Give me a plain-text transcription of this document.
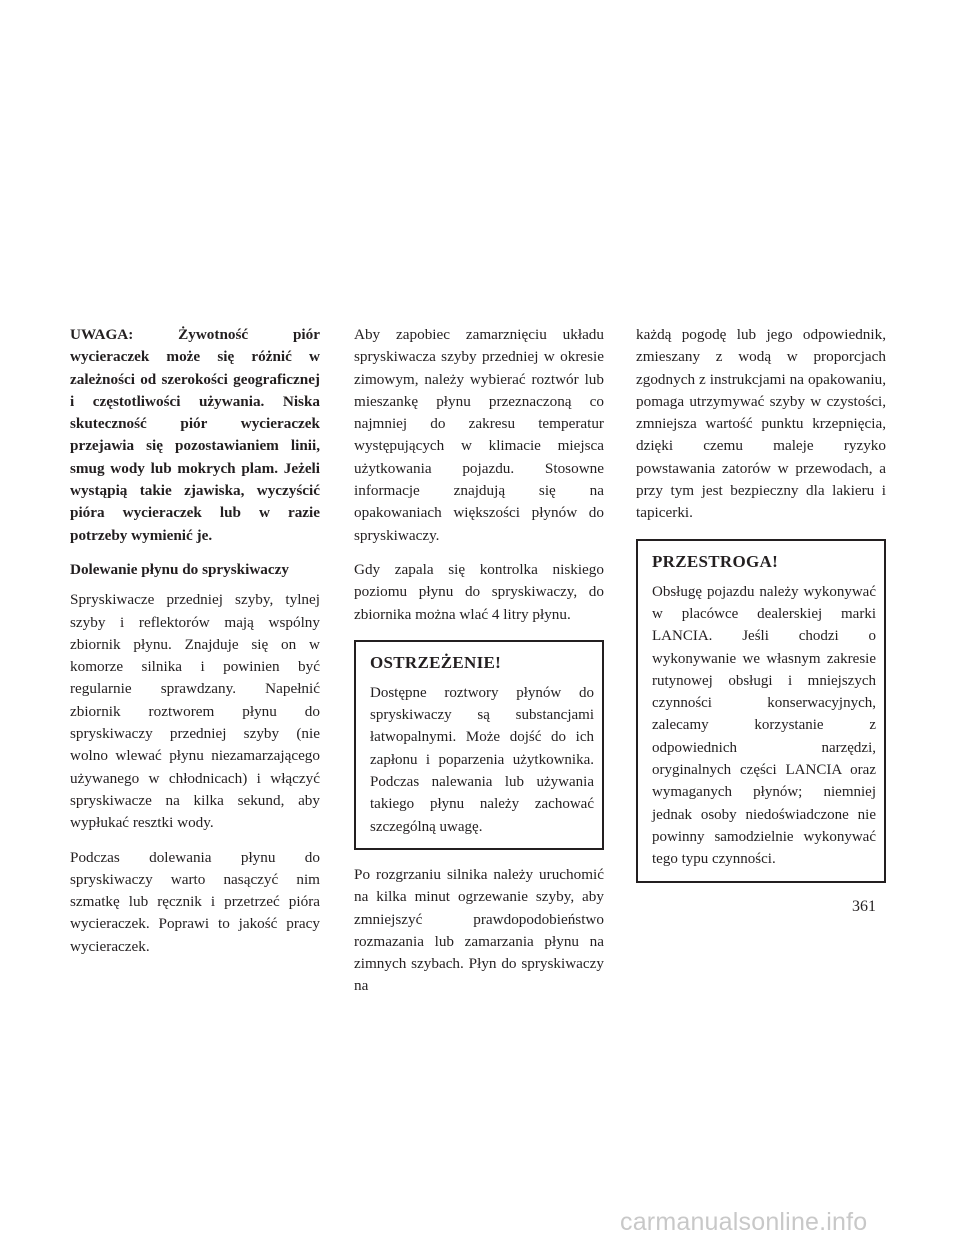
UWAGA: Żywotność piór wycieraczek może się różnić w zależności od szerokości geograficznej i częstotliwości używania. Niska skuteczność piór wycieraczek przejawia się pozostawianiem linii, smug wody lub mokrych plam. Jeżeli wystąpią takie zjawiska, wyczyścić pióra wycieraczek lub w razie potrzeby wymienić je.

Dolewanie płynu do spryskiwaczy

Spryskiwacze przedniej szyby, tylnej szyby i reflektorów mają wspólny zbiornik płynu. Znajduje się on w komorze silnika i powinien być regularnie sprawdzany. Napełnić zbiornik roztworem płynu do spryskiwaczy przedniej szyby (nie wolno wlewać płynu niezamarzającego używanego w chłodnicach) i włączyć spryskiwacze na kilka sekund, aby wypłukać resztki wody.

Podczas dolewania płynu do spryskiwaczy warto nasączyć nim szmatkę lub ręcznik i przetrzeć pióra wycieraczek. Poprawi to jakość pracy wycieraczek.

Aby zapobiec zamarznięciu układu spryskiwacza szyby przedniej w okresie zimowym, należy wybierać roztwór lub mieszankę płynu przeznaczoną co najmniej do zakresu temperatur występujących w klimacie miejsca użytkowania pojazdu. Stosowne informacje znajdują się na opakowaniach większości płynów do spryskiwaczy.

Gdy zapala się kontrolka niskiego poziomu płynu do spryskiwaczy, do zbiornika można wlać 4 litry płynu.

OSTRZEŻENIE!

Dostępne roztwory płynów do spryskiwaczy są substancjami łatwopalnymi. Może dojść do ich zapłonu i poparzenia użytkownika. Podczas nalewania lub używania takiego płynu należy zachować szczególną uwagę.

Po rozgrzaniu silnika należy uruchomić na kilka minut ogrzewanie szyby, aby zmniejszyć prawdopodobieństwo rozmazania lub zamarzania płynu na zimnych szybach. Płyn do spryskiwaczy na

każdą pogodę lub jego odpowiednik, zmieszany z wodą w proporcjach zgodnych z instrukcjami na opakowaniu, pomaga utrzymywać szyby w czystości, zmniejsza wartość punktu krzepnięcia, dzięki czemu maleje ryzyko powstawania zatorów w przewodach, a przy tym jest bezpieczny dla lakieru i tapicerki.

PRZESTROGA!

Obsługę pojazdu należy wykonywać w placówce dealerskiej marki LANCIA. Jeśli chodzi o wykonywanie we własnym zakresie rutynowej obsługi i mniejszych czynności konserwacyjnych, zalecamy korzystanie z odpowiednich narzędzi, oryginalnych części LANCIA oraz wymaganych płynów; niemniej jednak osoby niedoświadczone nie powinny samodzielnie wykonywać tego typu czynności.

361
carmanualsonline.info
